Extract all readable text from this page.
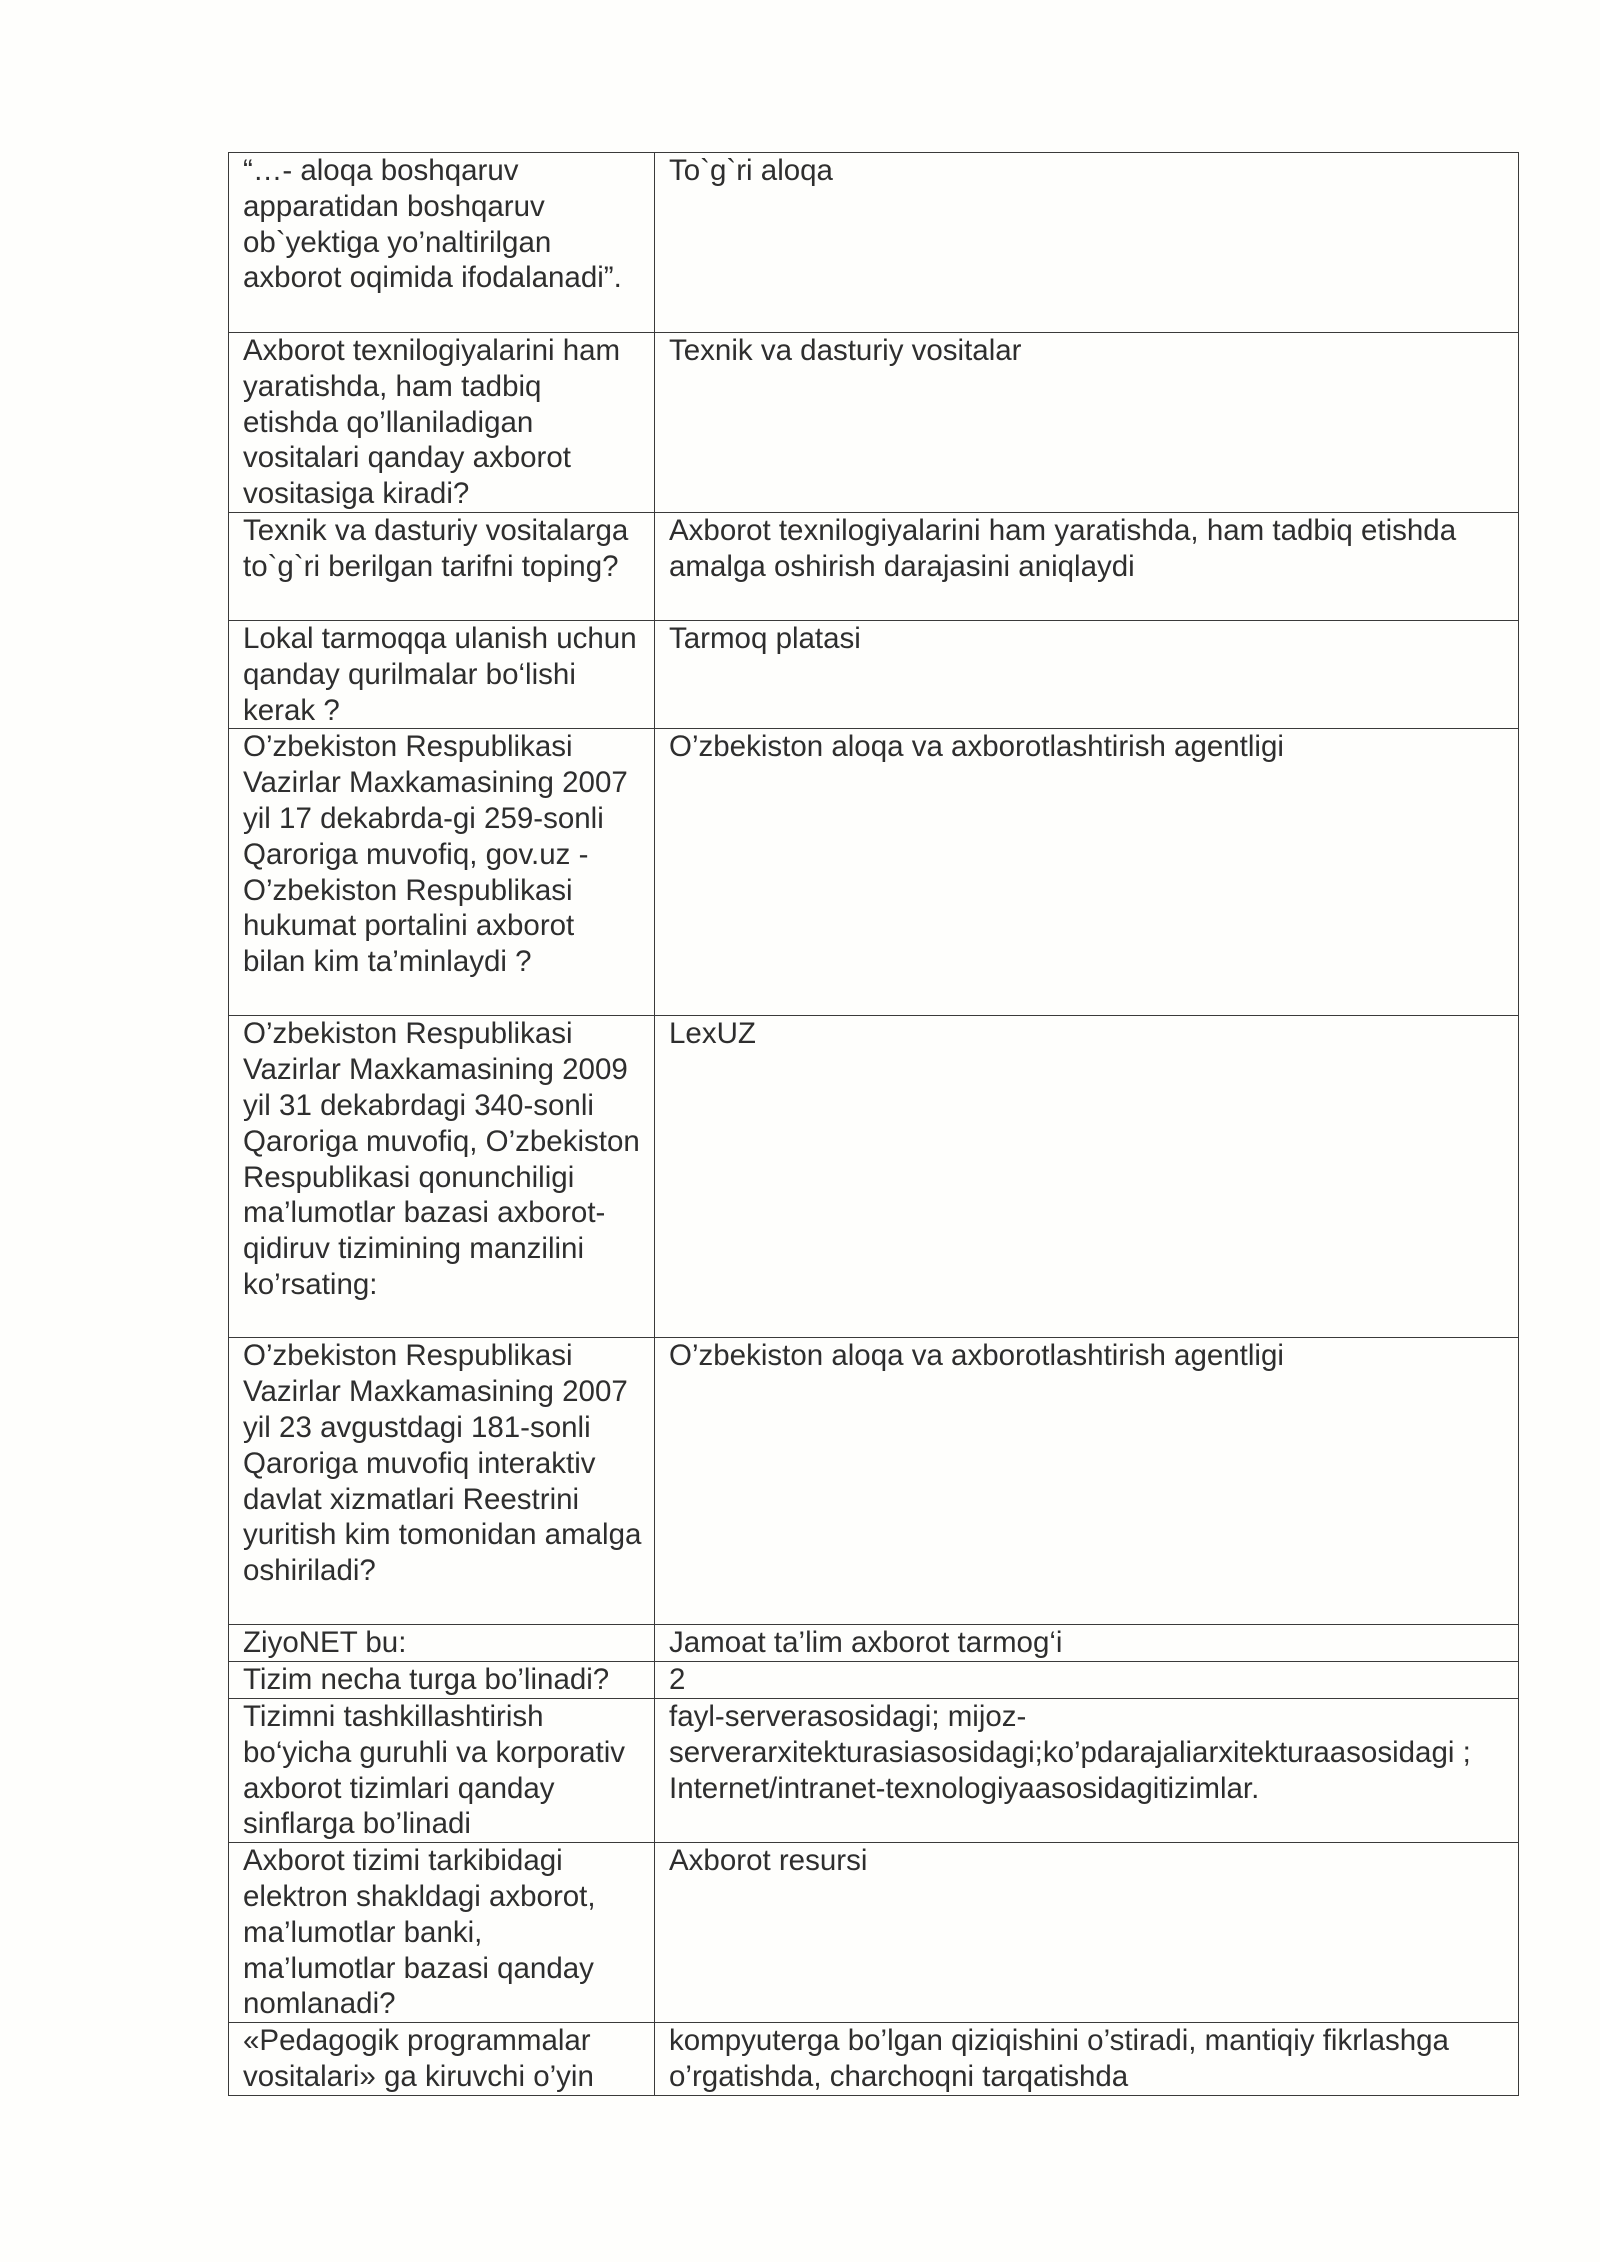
“…- aloqa boshqaruv apparatidan boshqaruv ob`yektiga yo’naltirilgan axborot oqimida ifodalanadi”.	To`g`ri aloqa
Axborot texnilogiyalarini ham yaratishda, ham tadbiq etishda qo’llaniladigan vositalari qanday axborot vositasiga kiradi?	Texnik va dasturiy vositalar
Texnik va dasturiy vositalarga to`g`ri berilgan tarifni toping?	Axborot texnilogiyalarini ham yaratishda, ham tadbiq etishda amalga oshirish darajasini aniqlaydi
Lokal tarmoqqa ulanish uchun qanday qurilmalar bo‘lishi kerak ?	Tarmoq platasi
O’zbekiston Respublikasi Vazirlar Maxkamasining 2007 yil 17 dekabrda-gi 259-sonli Qaroriga muvofiq, gov.uz - O’zbekiston Respublikasi hukumat portalini axborot bilan kim ta’minlaydi ?	O’zbekiston aloqa va axborotlashtirish agentligi
O’zbekiston Respublikasi Vazirlar Maxkamasining 2009 yil 31 dekabrdagi 340-sonli Qaroriga muvofiq, O’zbekiston Respublikasi qonunchiligi ma’lumotlar bazasi axborot- qidiruv tizimining manzilini ko’rsating:	LexUZ
O’zbekiston Respublikasi Vazirlar Maxkamasining 2007 yil 23 avgustdagi 181-sonli Qaroriga muvofiq interaktiv davlat xizmatlari Reestrini yuritish kim tomonidan amalga oshiriladi?	O’zbekiston aloqa va axborotlashtirish agentligi
ZiyoNET bu:	Jamoat ta’lim axborot tarmog‘i
Tizim necha turga bo’linadi?	2
Tizimni tashkillashtirish bo‘yicha guruhli va korporativ axborot tizimlari qanday sinflarga bo’linadi	fayl-serverasosidagi; mijoz-serverarxitekturasiasosidagi;ko’pdarajaliarxitekturaasosidagi ; Internet/intranet-texnologiyaasosidagitizimlar.
Axborot tizimi tarkibidagi elektron shakldagi axborot, ma’lumotlar banki, ma’lumotlar bazasi qanday nomlanadi?	Axborot resursi
«Pedagogik programmalar vositalari» ga kiruvchi o’yin	kompyuterga bo’lgan qiziqishini o’stiradi, mantiqiy fikrlashga o’rgatishda, charchoqni tarqatishda
